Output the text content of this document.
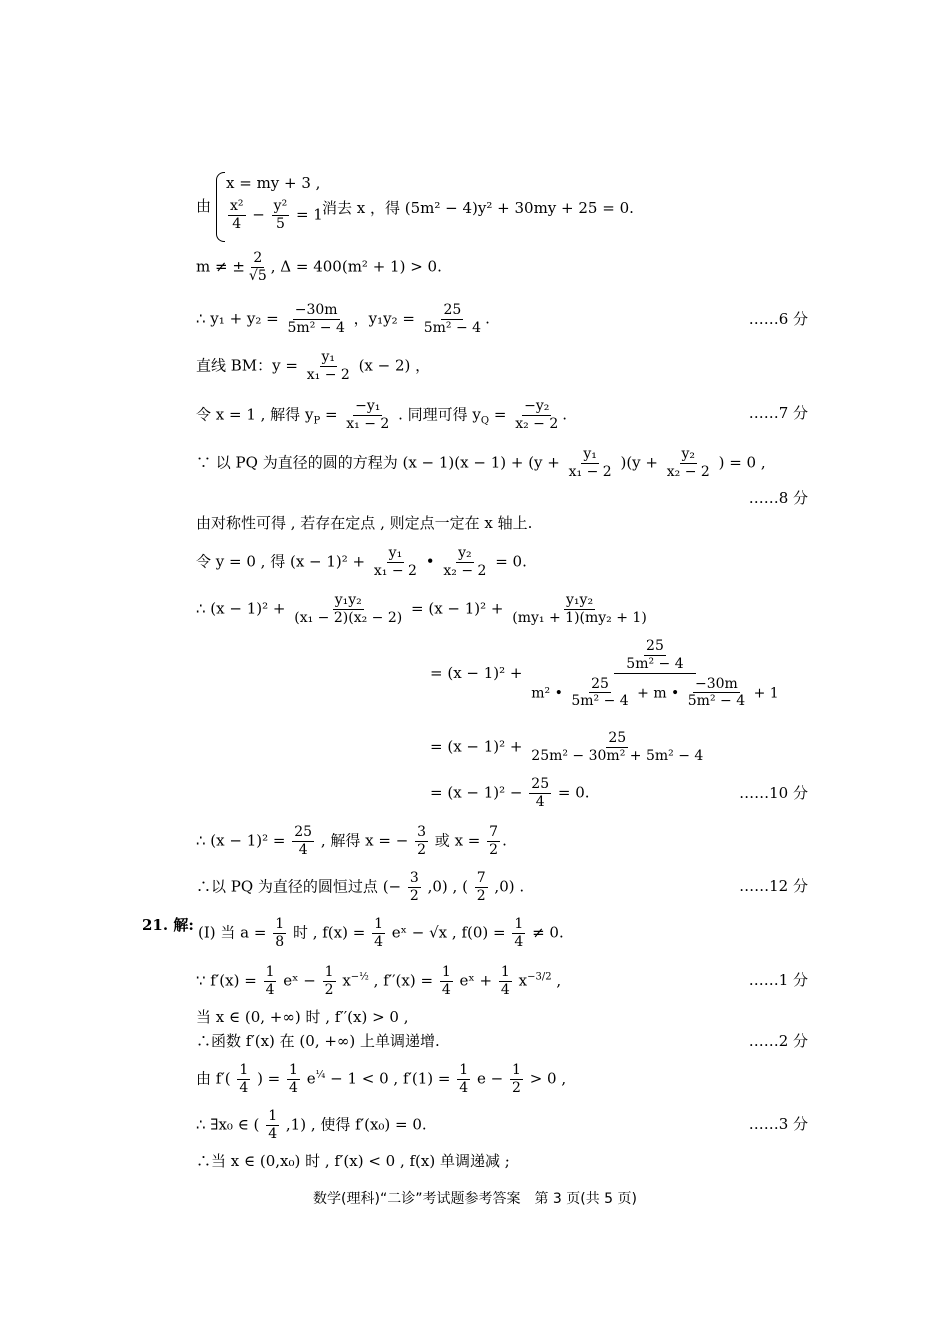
由
x = my + 3 ,
$\frac{\text{x²}}{4} - \frac{\text{y²}}{5} = 1$ 消去 x ，得 (5m² − 4)y² + 30my + 25 = 0.
m ≠ ± $\frac{2}{√5}$ , Δ = 400(m² + 1) > 0.
∴ $y_1 + y_2 = \frac{-30m}{\text{5m² − 4}}$ ，$y_1y_2 = \frac{25}{\text{5m² − 4}}$ .	……6 分
直线 BM：$y = \frac{\text{y₁}}{\text{x₁ − 2}} (x - 2)$ ，
令 x = 1 , 解得 $y_P = \frac{\text{−y₁}}{\text{x₁ − 2}}$ . 同理可得 $y_Q = \frac{\text{−y₂}}{\text{x₂ − 2}}$ .	……7 分
∵ 以 PQ 为直径的圆的方程为 $(x - 1)(x - 1) + (y + \frac{\text{y₁}}{\text{x₁ − 2}} )(y + \frac{\text{y₂}}{\text{x₂ − 2}}$ ) = 0 ,
……8 分
由对称性可得 , 若存在定点 , 则定点一定在 x 轴上.
令 y = 0 , 得 $(x - 1)^2 + \frac{\text{y₁}}{\text{x₁ − 2}}$ • $\frac{\text{y₂}}{\text{x₂ − 2}} = 0$.
∴ $(x - 1)^2 + \frac{\text{y₁y₂}}{\text{(x₁ − 2)(x₂ − 2)}} = (x - 1)^2 + \frac{\text{y₁y₂}}{\text{(my₁ + 1)(my₂ + 1)}}$
= $(x - 1)^2 + \frac{\frac{25}{\text{5m² − 4}}}{m^2 • \frac{25}{\text{5m² − 4}} + m • \frac{-30m}{\text{5m² − 4}} + 1}$
= $(x - 1)^2 + \frac{25}{\text{25m² − 30m² + 5m² − 4}}$
= $(x - 1)^2 - \frac{25}{4} = 0$.	……10 分
∴ $(x - 1)^2 = \frac{25}{4}$ , 解得 x = − $\frac{3}{2}$ 或 $x = \frac{7}{2}$ .
∴以 PQ 为直径的圆恒过点 (− $\frac{3}{2} ,0$) , ( $\frac{7}{2} ,0$) .	……12 分
21. 解: (Ⅰ) 当 $a = \frac{1}{8}$ 时 , $f(x) = \frac{1}{4}$ eˣ − √x , $f(0) = \frac{1}{4} \ne 0$.
∵ $f'(x) = \frac{1}{4}$ eˣ − $\frac{1}{2} x^{-\frac{1}{2}}$ , $f''(x) = \frac{1}{4}$ eˣ + $\frac{1}{4} x^{-3/2}$ ,	……1 分
当 x ∈ (0, +∞) 时 , f′′(x) > 0 ,
∴函数 f′(x) 在 (0, +∞) 上单调递增.	……2 分
由 $f'( \frac{1}{4}$ ) = $\frac{1}{4} e^{\frac{1}{4}} - 1 < 0$ , $f'(1) = \frac{1}{4}$ $e - \frac{1}{2} > 0$ ,
∴ ∃x₀ ∈ ( $\frac{1}{4} ,1$) , 使得 f′(x₀) = 0.	……3 分
∴当 x ∈ (0,x₀) 时 , f′(x) < 0 , f(x) 单调递减 ;
数学(理科)“二诊”考试题参考答案　第 3 页(共 5 页)
